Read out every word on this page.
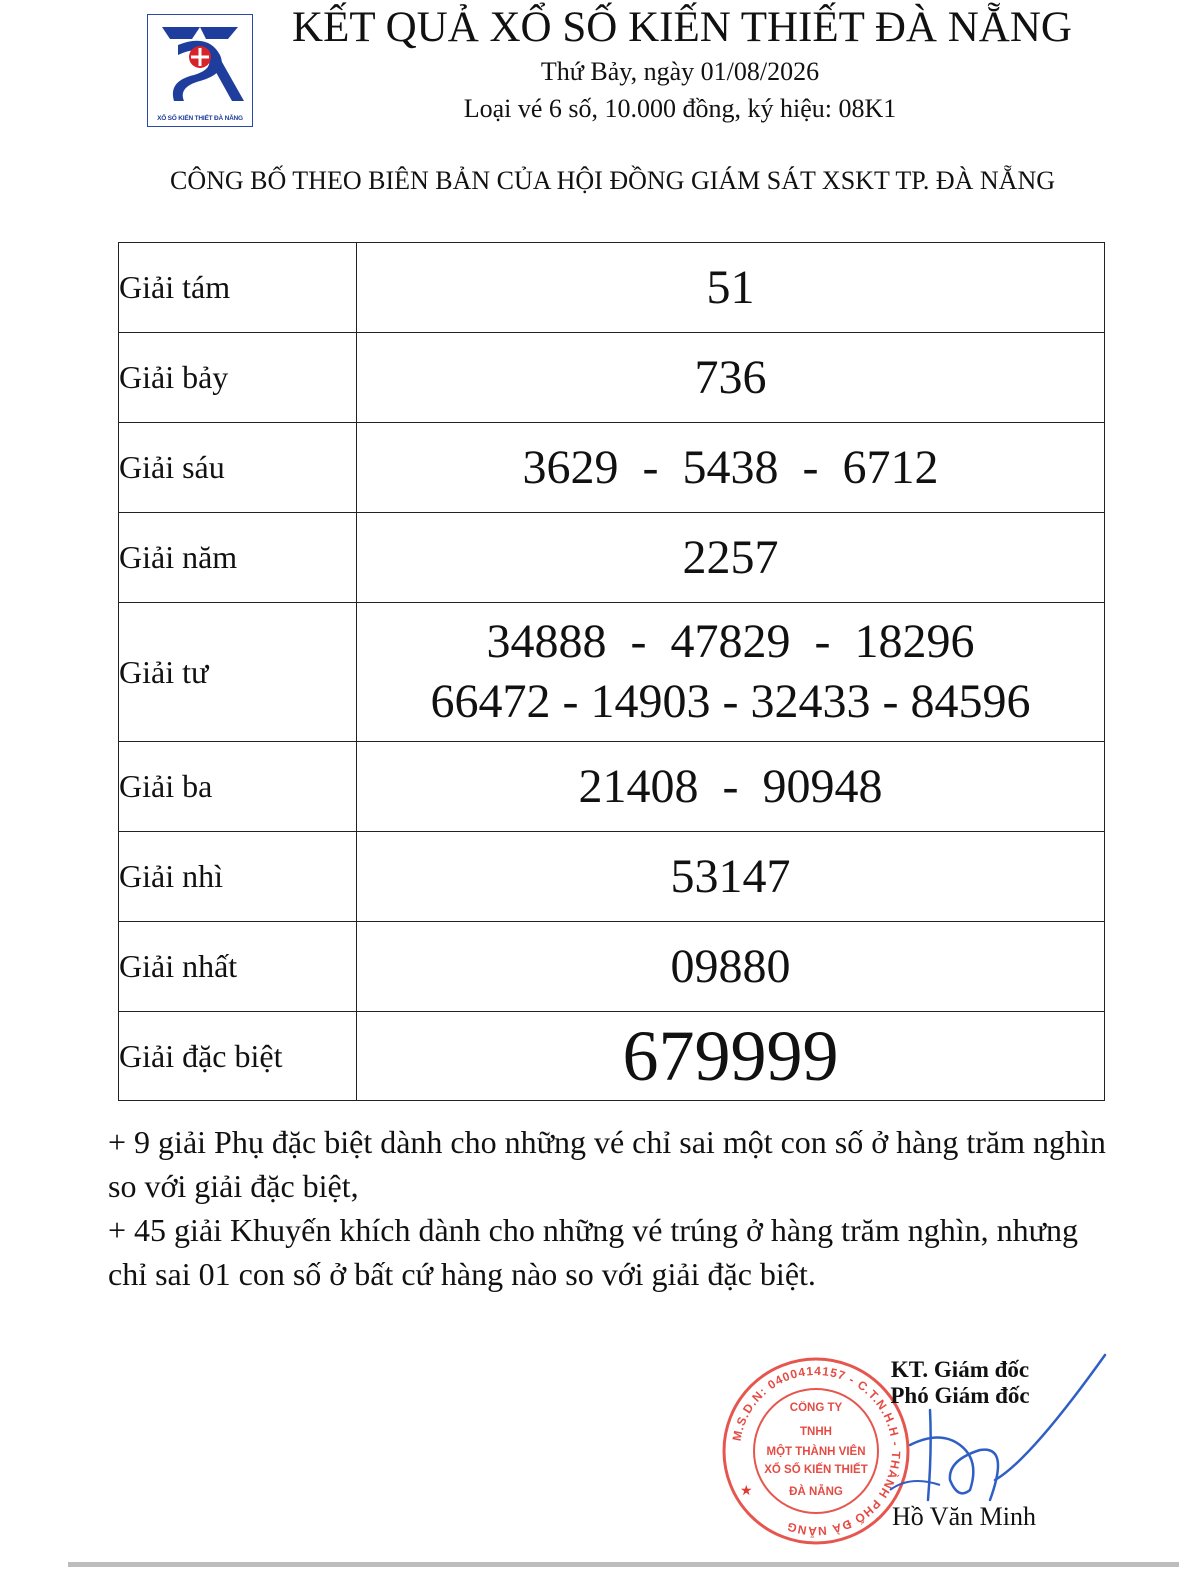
XỔ SỐ KIẾN THIẾT ĐÀ NẴNG
KẾT QUẢ XỔ SỐ KIẾN THIẾT ĐÀ NẴNG
Thứ Bảy, ngày 01/08/2026
Loại vé 6 số, 10.000 đồng, ký hiệu: 08K1
CÔNG BỐ THEO BIÊN BẢN CỦA HỘI ĐỒNG GIÁM SÁT XSKT TP. ĐÀ NẴNG
Giải tám	51
Giải bảy	736
Giải sáu	3629  -  5438  -  6712
Giải năm	2257
Giải tư	34888  -  47829  -  18296
66472 - 14903 - 32433 - 84596
Giải ba	21408  -  90948
Giải nhì	53147
Giải nhất	09880
Giải đặc biệt	679999

+ 9 giải Phụ đặc biệt dành cho những vé chỉ sai một con số ở hàng trăm nghìn so với giải đặc biệt,

+ 45 giải Khuyến khích dành cho những vé trúng ở hàng trăm nghìn, nhưng chỉ sai 01 con số ở bất cứ hàng nào so với giải đặc biệt.

M.S.D.N: 0400414157 - C.T.N.H.H - THÀNH PHỐ ĐÀ NẴNG
CÔNG TY
TNHH
MỘT THÀNH VIÊN
XỔ SỐ KIẾN THIẾT
ĐÀ NẴNG
★
KT. Giám đốc
Phó Giám đốc
Hồ Văn Minh
